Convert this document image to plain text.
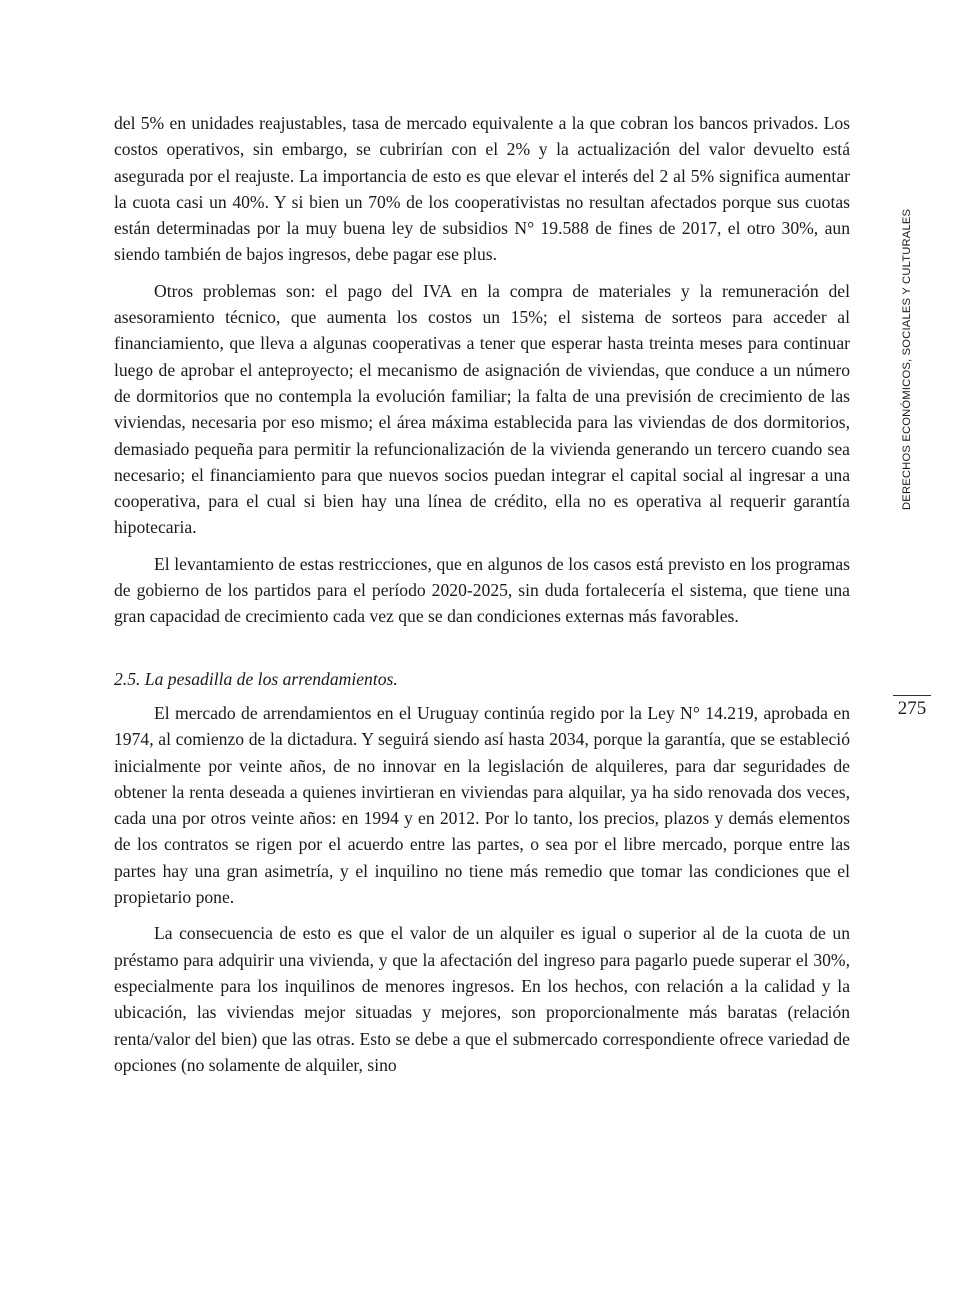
del 5% en unidades reajustables, tasa de mercado equivalente a la que cobran los bancos privados. Los costos operativos, sin embargo, se cubrirían con el 2% y la actualización del valor devuelto está asegurada por el reajuste. La importancia de esto es que elevar el interés del 2 al 5% significa aumentar la cuota casi un 40%. Y si bien un 70% de los cooperativistas no resultan afectados porque sus cuotas están determinadas por la muy buena ley de subsidios N° 19.588 de fines de 2017, el otro 30%, aun siendo también de bajos ingresos, debe pagar ese plus.

Otros problemas son: el pago del IVA en la compra de materiales y la remuneración del asesoramiento técnico, que aumenta los costos un 15%; el sistema de sorteos para acceder al financiamiento, que lleva a algunas cooperativas a tener que esperar hasta treinta meses para continuar luego de aprobar el anteproyecto; el mecanismo de asignación de viviendas, que conduce a un número de dormitorios que no contempla la evolución familiar; la falta de una previsión de crecimiento de las viviendas, necesaria por eso mismo; el área máxima establecida para las viviendas de dos dormitorios, demasiado pequeña para permitir la refuncionalización de la vivienda generando un tercero cuando sea necesario; el financiamiento para que nuevos socios puedan integrar el capital social al ingresar a una cooperativa, para el cual si bien hay una línea de crédito, ella no es operativa al requerir garantía hipotecaria.

El levantamiento de estas restricciones, que en algunos de los casos está previsto en los programas de gobierno de los partidos para el período 2020-2025, sin duda fortalecería el sistema, que tiene una gran capacidad de crecimiento cada vez que se dan condiciones externas más favorables.

2.5. La pesadilla de los arrendamientos.

El mercado de arrendamientos en el Uruguay continúa regido por la Ley N° 14.219, aprobada en 1974, al comienzo de la dictadura. Y seguirá siendo así hasta 2034, porque la garantía, que se estableció inicialmente por veinte años, de no innovar en la legislación de alquileres, para dar seguridades de obtener la renta deseada a quienes invirtieran en viviendas para alquilar, ya ha sido renovada dos veces, cada una por otros veinte años: en 1994 y en 2012. Por lo tanto, los precios, plazos y demás elementos de los contratos se rigen por el acuerdo entre las partes, o sea por el libre mercado, porque entre las partes hay una gran asimetría, y el inquilino no tiene más remedio que tomar las condiciones que el propietario pone.

La consecuencia de esto es que el valor de un alquiler es igual o superior al de la cuota de un préstamo para adquirir una vivienda, y que la afectación del ingreso para pagarlo puede superar el 30%, especialmente para los inquilinos de menores ingresos. En los hechos, con relación a la calidad y la ubicación, las viviendas mejor situadas y mejores, son proporcionalmente más baratas (relación renta/valor del bien) que las otras. Esto se debe a que el submercado correspondiente ofrece variedad de opciones (no solamente de alquiler, sino

DERECHOS ECONÓMICOS, SOCIALES Y CULTURALES
275
